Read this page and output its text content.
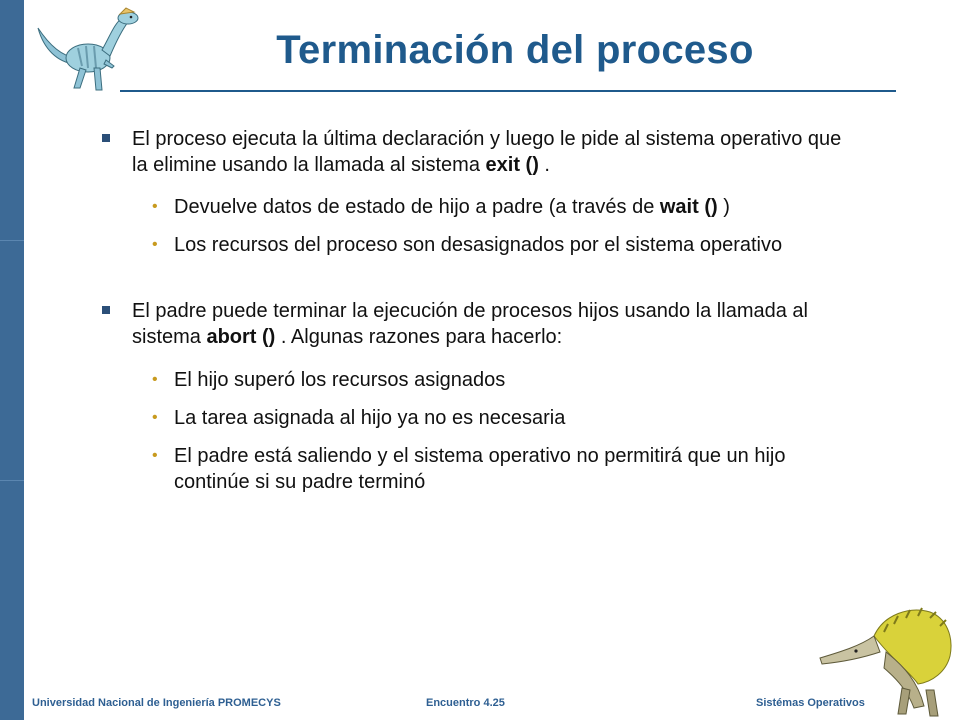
Terminación del proceso
El proceso ejecuta la última declaración y luego le pide al sistema operativo que la elimine usando la llamada al sistema exit () .
• Devuelve datos de estado de hijo a padre (a través de wait () )
• Los recursos del proceso son desasignados por el sistema operativo
El padre puede terminar la ejecución de procesos hijos usando la llamada al sistema abort () . Algunas razones para hacerlo:
• El hijo superó los recursos asignados
• La tarea asignada al hijo ya no es necesaria
• El padre está saliendo y el sistema operativo no permitirá que un hijo continúe si su padre terminó
Universidad Nacional de Ingeniería PROMECYS	Encuentro 4.25	Sistémas Operativos
